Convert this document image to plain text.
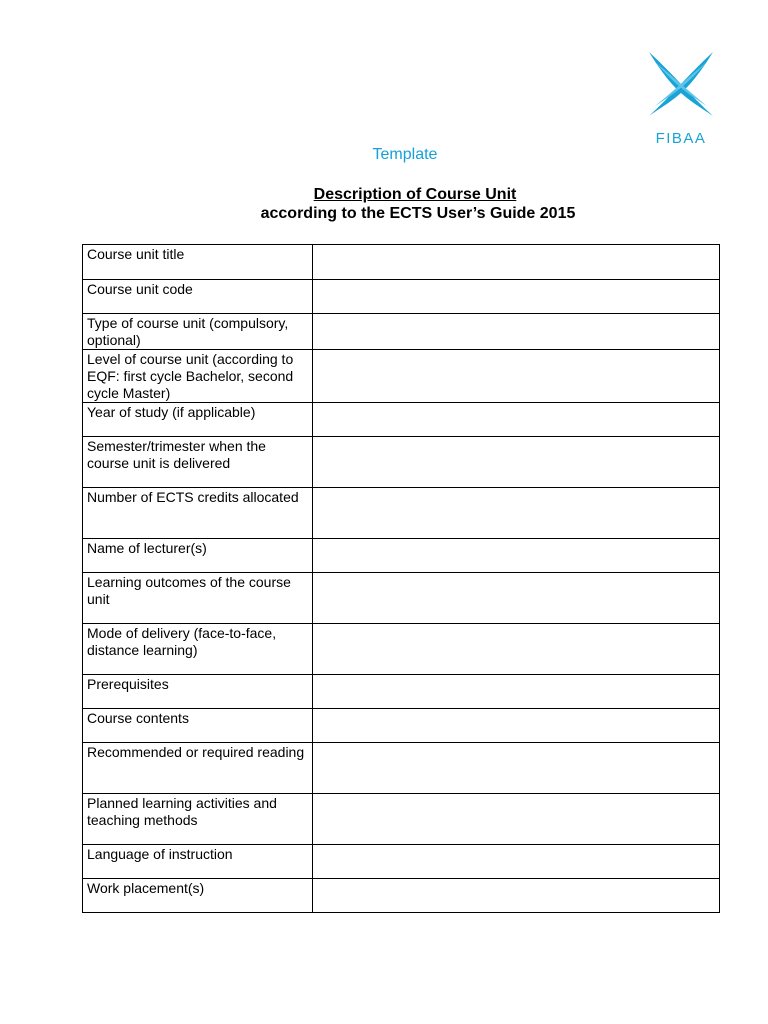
FIBAA
Template
Description of Course Unit
according to the ECTS User’s Guide 2015
Course unit title	
Course unit code	
Type of course unit (compulsory, optional)	
Level of course unit (according to EQF: first cycle Bachelor, second cycle Master)	
Year of study (if applicable)	
Semester/trimester when the course unit is delivered	
Number of ECTS credits allocated	
Name of lecturer(s)	
Learning outcomes of the course unit	
Mode of delivery (face-to-face, distance learning)	
Prerequisites	
Course contents	
Recommended or required reading	
Planned learning activities and teaching methods	
Language of instruction	
Work placement(s)	
